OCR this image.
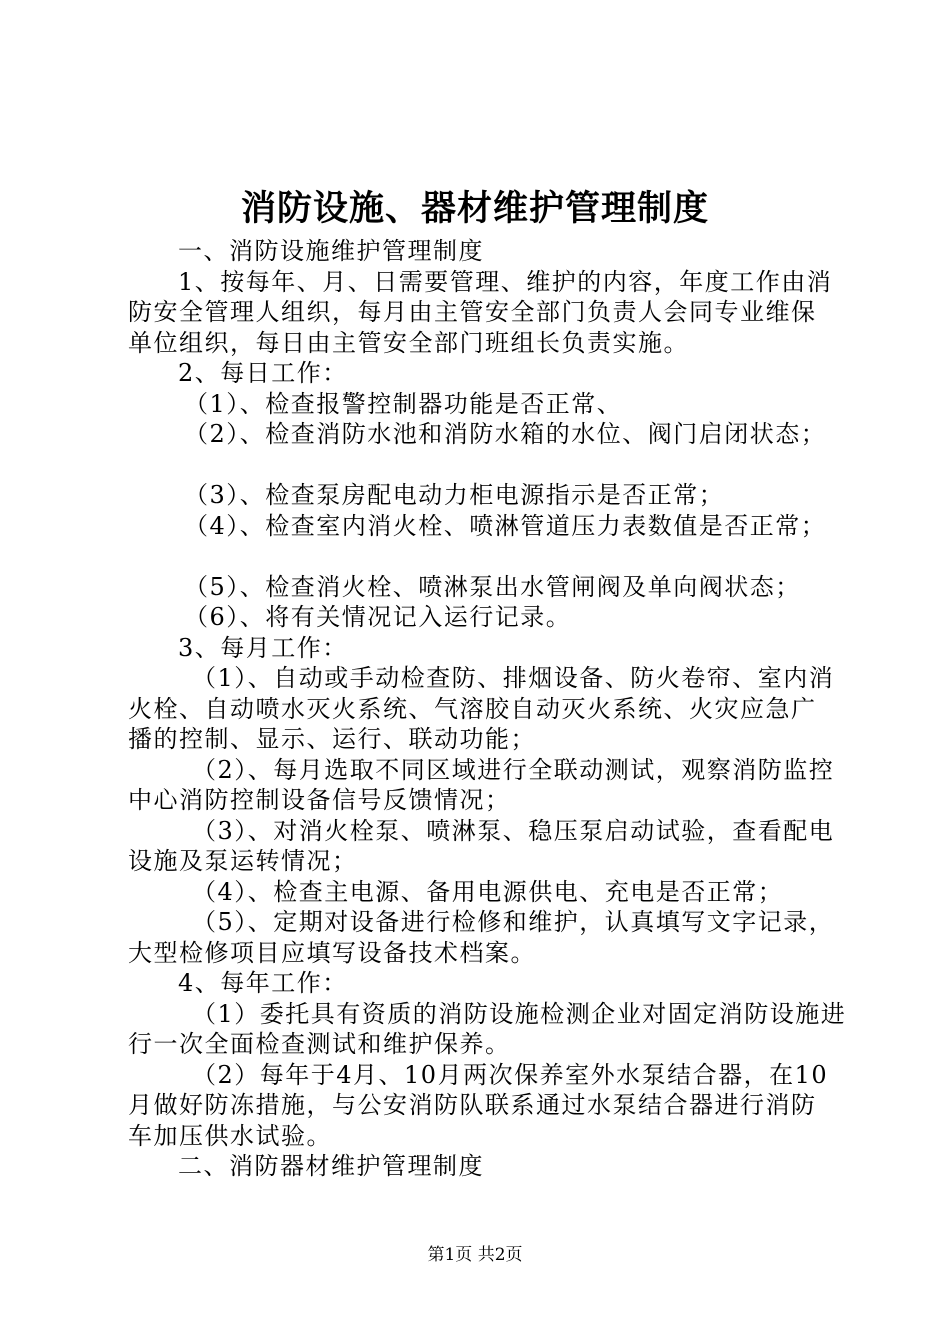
消防设施、器材维护管理制度
一、消防设施维护管理制度
1、按每年、月、日需要管理、维护的内容，年度工作由消
防安全管理人组织，每月由主管安全部门负责人会同专业维保
单位组织，每日由主管安全部门班组长负责实施。
2、每日工作：
（1）、检查报警控制器功能是否正常、
（2）、检查消防水池和消防水箱的水位、阀门启闭状态；
（3）、检查泵房配电动力柜电源指示是否正常；
（4）、检查室内消火栓、喷淋管道压力表数值是否正常；
（5）、检查消火栓、喷淋泵出水管闸阀及单向阀状态；
（6）、将有关情况记入运行记录。
3、每月工作：
（1）、自动或手动检查防、排烟设备、防火卷帘、室内消
火栓、自动喷水灭火系统、气溶胶自动灭火系统、火灾应急广
播的控制、显示、运行、联动功能；
（2）、每月选取不同区域进行全联动测试，观察消防监控
中心消防控制设备信号反馈情况；
（3）、对消火栓泵、喷淋泵、稳压泵启动试验，查看配电
设施及泵运转情况；
（4）、检查主电源、备用电源供电、充电是否正常；
（5）、定期对设备进行检修和维护，认真填写文字记录，
大型检修项目应填写设备技术档案。
4、每年工作：
（1）委托具有资质的消防设施检测企业对固定消防设施进
行一次全面检查测试和维护保养。
（2）每年于4月、10月两次保养室外水泵结合器，在10
月做好防冻措施，与公安消防队联系通过水泵结合器进行消防
车加压供水试验。
二、消防器材维护管理制度
第1页 共2页
